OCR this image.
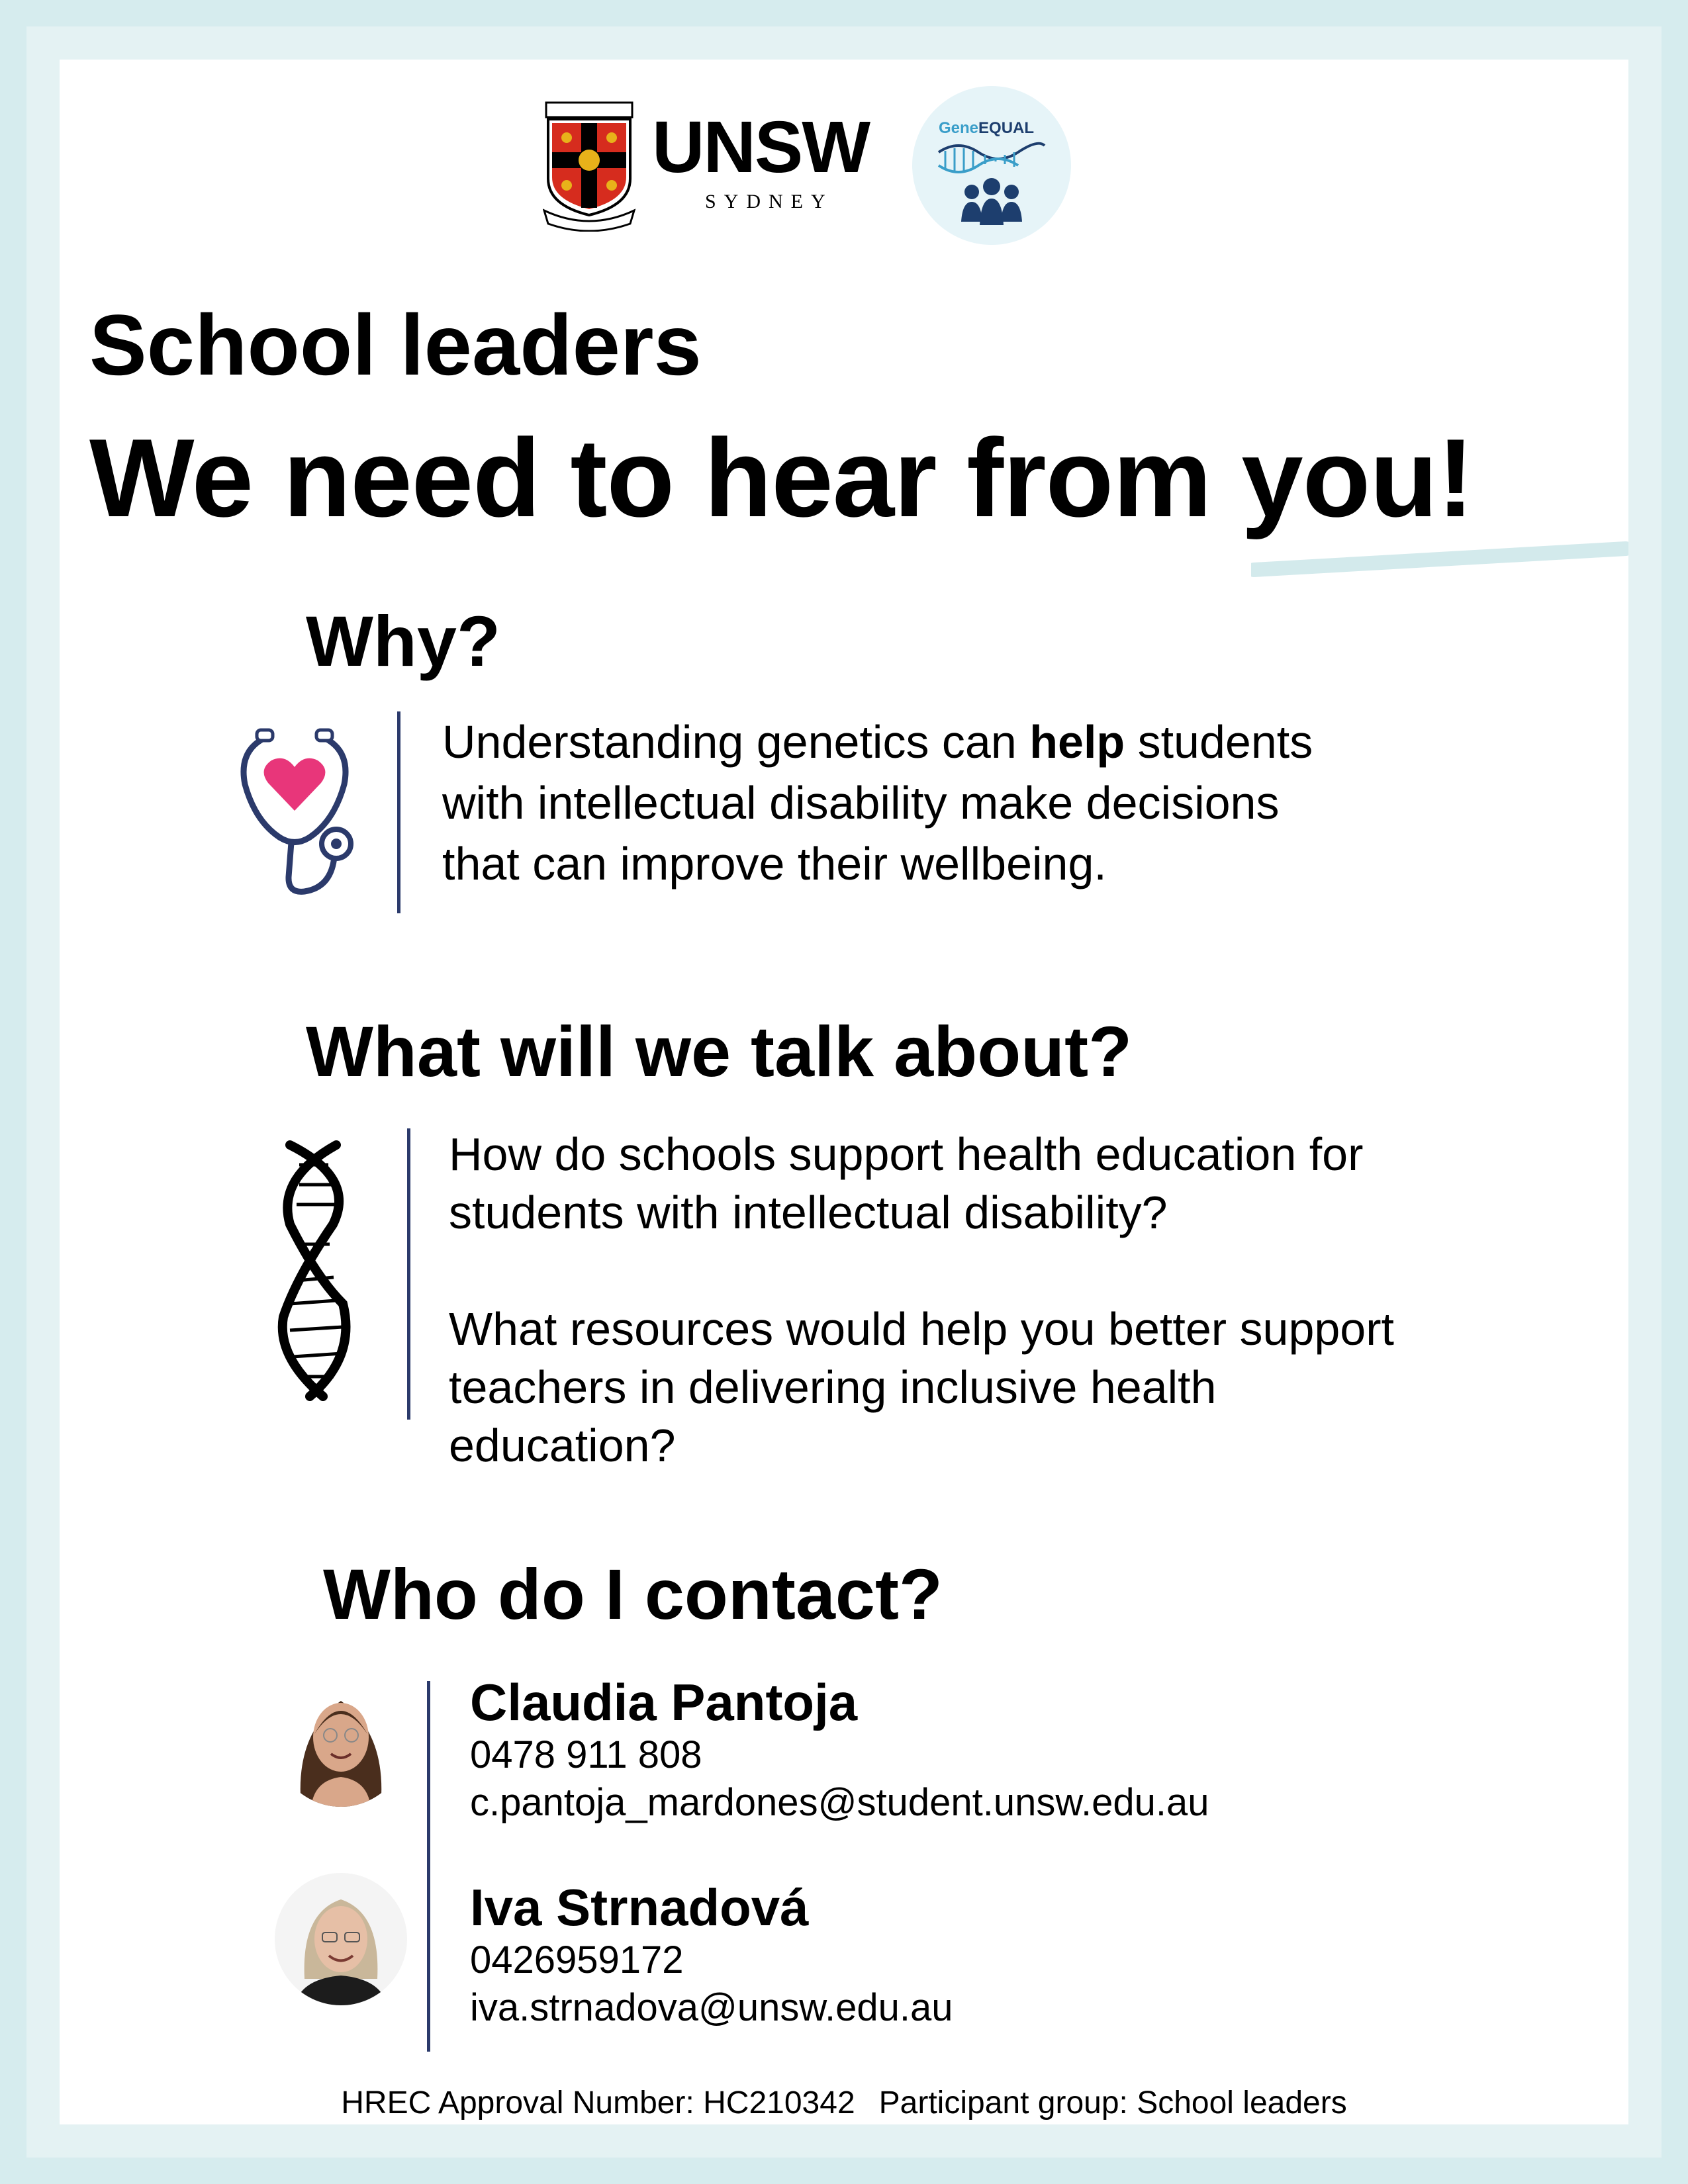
UNSW
SYDNEY
GeneEQUAL
School leaders
We need to hear from you!
Why?
Understanding genetics can help students
with intellectual disability make decisions
that can improve their wellbeing.
What will we talk about?
How do schools support health education for
students with intellectual disability?
What resources would help you better support
teachers in delivering inclusive health
education?
Who do I contact?
Claudia Pantoja
0478 911 808
c.pantoja_mardones@student.unsw.edu.au
Iva Strnadová
0426959172
iva.strnadova@unsw.edu.au
HREC Approval Number: HC210342 Participant group: School leaders
